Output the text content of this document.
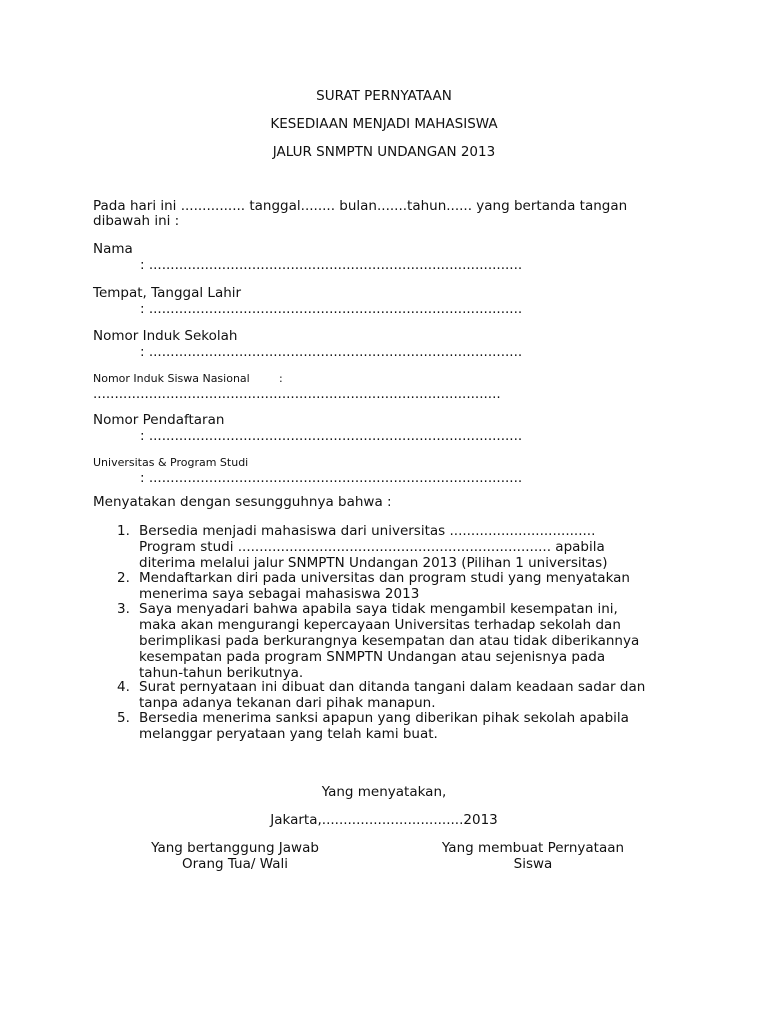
SURAT PERNYATAAN
KESEDIAAN MENJADI MAHASISWA
JALUR SNMPTN UNDANGAN 2013
Pada hari ini ............... tanggal........ bulan.......tahun...... yang bertanda tangan
dibawah ini :
Nama
: .......................................................................................
Tempat, Tanggal Lahir
: .......................................................................................
Nomor Induk Sekolah
: .......................................................................................
Nomor Induk Siswa Nasional	:
...............................................................................................
Nomor Pendaftaran
: .......................................................................................
Universitas & Program Studi
: .......................................................................................
Menyatakan dengan sesungguhnya bahwa :
1. Bersedia menjadi mahasiswa dari universitas ..................................
Program studi ......................................................................... apabila
diterima melalui jalur SNMPTN Undangan 2013 (Pilihan 1 universitas)
2. Mendaftarkan diri pada universitas dan program studi yang menyatakan
menerima saya sebagai mahasiswa 2013
3. Saya menyadari bahwa apabila saya tidak mengambil kesempatan ini,
maka akan mengurangi kepercayaan Universitas terhadap sekolah dan
berimplikasi pada berkurangnya kesempatan dan atau tidak diberikannya
kesempatan pada program SNMPTN Undangan atau sejenisnya pada
tahun-tahun berikutnya.
4. Surat pernyataan ini dibuat dan ditanda tangani dalam keadaan sadar dan
tanpa adanya tekanan dari pihak manapun.
5. Bersedia menerima sanksi apapun yang diberikan pihak sekolah apabila
melanggar peryataan yang telah kami buat.
Yang menyatakan,
Jakarta,.................................2013
Yang bertanggung Jawab
Orang Tua/ Wali
Yang membuat Pernyataan
Siswa
